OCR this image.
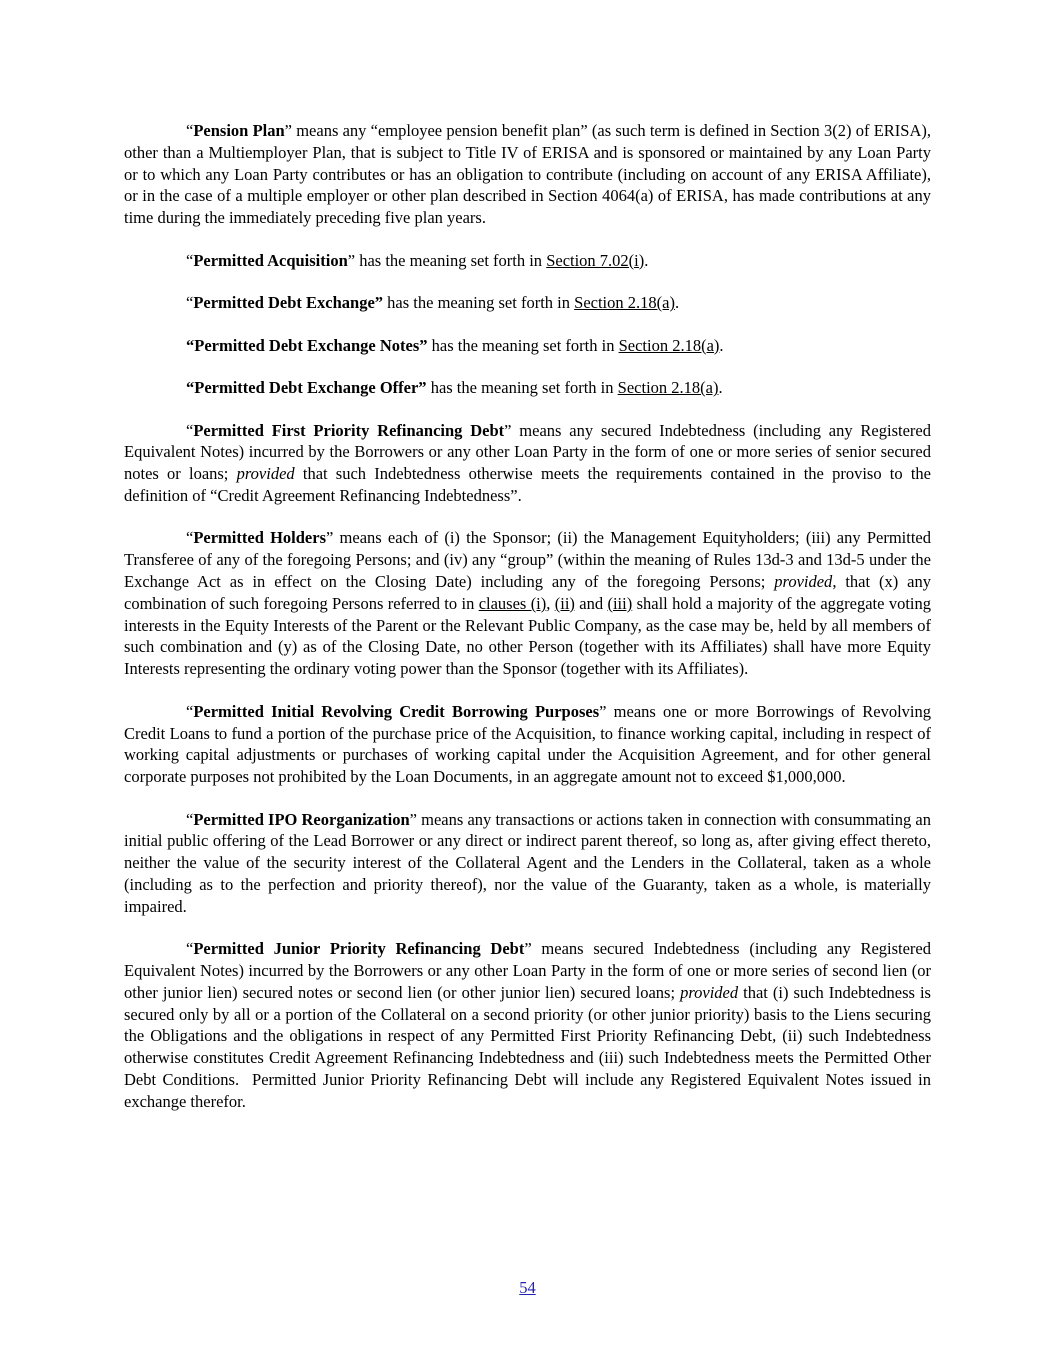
“Pension Plan” means any “employee pension benefit plan” (as such term is defined in Section 3(2) of ERISA), other than a Multiemployer Plan, that is subject to Title IV of ERISA and is sponsored or maintained by any Loan Party or to which any Loan Party contributes or has an obligation to contribute (including on account of any ERISA Affiliate), or in the case of a multiple employer or other plan described in Section 4064(a) of ERISA, has made contributions at any time during the immediately preceding five plan years.

“Permitted Acquisition” has the meaning set forth in Section 7.02(i).

“Permitted Debt Exchange” has the meaning set forth in Section 2.18(a).

“Permitted Debt Exchange Notes” has the meaning set forth in Section 2.18(a).

“Permitted Debt Exchange Offer” has the meaning set forth in Section 2.18(a).

“Permitted First Priority Refinancing Debt” means any secured Indebtedness (including any Registered Equivalent Notes) incurred by the Borrowers or any other Loan Party in the form of one or more series of senior secured notes or loans; provided that such Indebtedness otherwise meets the requirements contained in the proviso to the definition of “Credit Agreement Refinancing Indebtedness”.

“Permitted Holders” means each of (i) the Sponsor; (ii) the Management Equityholders; (iii) any Permitted Transferee of any of the foregoing Persons; and (iv) any “group” (within the meaning of Rules 13d-3 and 13d-5 under the Exchange Act as in effect on the Closing Date) including any of the foregoing Persons; provided, that (x) any combination of such foregoing Persons referred to in clauses (i), (ii) and (iii) shall hold a majority of the aggregate voting interests in the Equity Interests of the Parent or the Relevant Public Company, as the case may be, held by all members of such combination and (y) as of the Closing Date, no other Person (together with its Affiliates) shall have more Equity Interests representing the ordinary voting power than the Sponsor (together with its Affiliates).

“Permitted Initial Revolving Credit Borrowing Purposes” means one or more Borrowings of Revolving Credit Loans to fund a portion of the purchase price of the Acquisition, to finance working capital, including in respect of working capital adjustments or purchases of working capital under the Acquisition Agreement, and for other general corporate purposes not prohibited by the Loan Documents, in an aggregate amount not to exceed $1,000,000.

“Permitted IPO Reorganization” means any transactions or actions taken in connection with consummating an initial public offering of the Lead Borrower or any direct or indirect parent thereof, so long as, after giving effect thereto, neither the value of the security interest of the Collateral Agent and the Lenders in the Collateral, taken as a whole (including as to the perfection and priority thereof), nor the value of the Guaranty, taken as a whole, is materially impaired.

“Permitted Junior Priority Refinancing Debt” means secured Indebtedness (including any Registered Equivalent Notes) incurred by the Borrowers or any other Loan Party in the form of one or more series of second lien (or other junior lien) secured notes or second lien (or other junior lien) secured loans; provided that (i) such Indebtedness is secured only by all or a portion of the Collateral on a second priority (or other junior priority) basis to the Liens securing the Obligations and the obligations in respect of any Permitted First Priority Refinancing Debt, (ii) such Indebtedness otherwise constitutes Credit Agreement Refinancing Indebtedness and (iii) such Indebtedness meets the Permitted Other Debt Conditions.  Permitted Junior Priority Refinancing Debt will include any Registered Equivalent Notes issued in exchange therefor.

54
